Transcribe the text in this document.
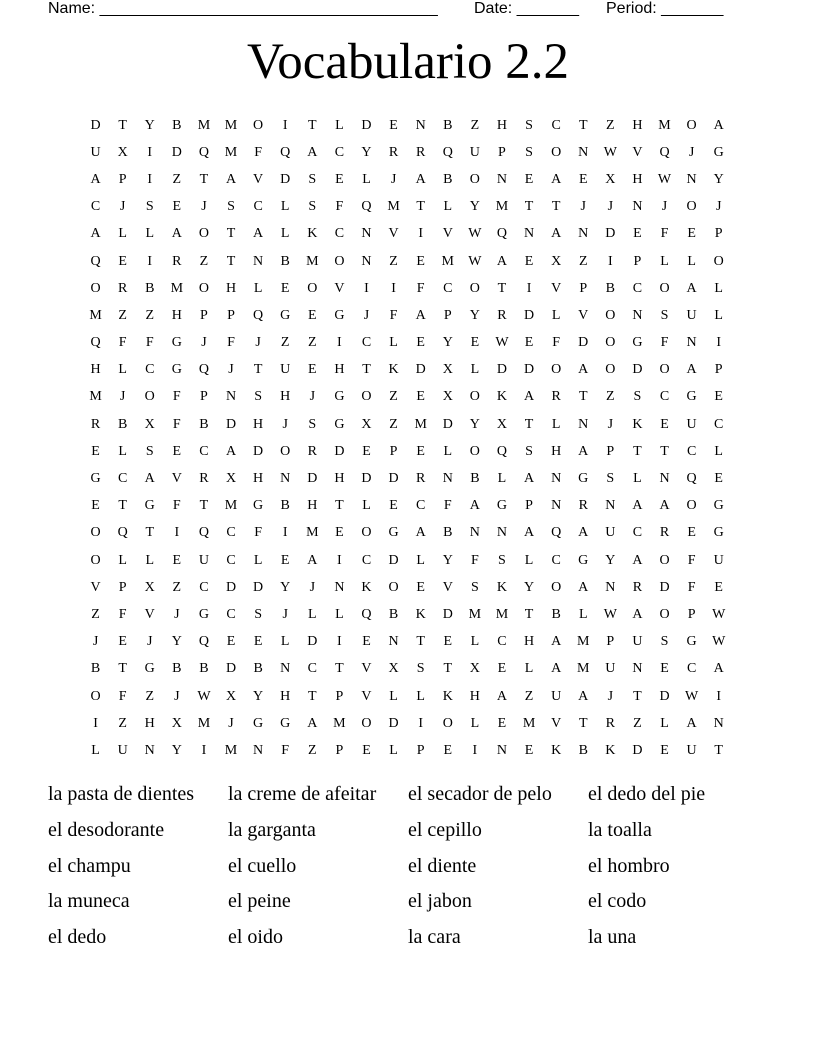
Name: ______________________________________

Date: _______

Period: _______

Vocabulario 2.2
D	T	Y	B	M	M	O	I	T	L	D	E	N	B	Z	H	S	C	T	Z	H	M	O	A
U	X	I	D	Q	M	F	Q	A	C	Y	R	R	Q	U	P	S	O	N	W	V	Q	J	G
A	P	I	Z	T	A	V	D	S	E	L	J	A	B	O	N	E	A	E	X	H	W	N	Y
C	J	S	E	J	S	C	L	S	F	Q	M	T	L	Y	M	T	T	J	J	N	J	O	J
A	L	L	A	O	T	A	L	K	C	N	V	I	V	W	Q	N	A	N	D	E	F	E	P
Q	E	I	R	Z	T	N	B	M	O	N	Z	E	M	W	A	E	X	Z	I	P	L	L	O
O	R	B	M	O	H	L	E	O	V	I	I	F	C	O	T	I	V	P	B	C	O	A	L
M	Z	Z	H	P	P	Q	G	E	G	J	F	A	P	Y	R	D	L	V	O	N	S	U	L
Q	F	F	G	J	F	J	Z	Z	I	C	L	E	Y	E	W	E	F	D	O	G	F	N	I
H	L	C	G	Q	J	T	U	E	H	T	K	D	X	L	D	D	O	A	O	D	O	A	P
M	J	O	F	P	N	S	H	J	G	O	Z	E	X	O	K	A	R	T	Z	S	C	G	E
R	B	X	F	B	D	H	J	S	G	X	Z	M	D	Y	X	T	L	N	J	K	E	U	C
E	L	S	E	C	A	D	O	R	D	E	P	E	L	O	Q	S	H	A	P	T	T	C	L
G	C	A	V	R	X	H	N	D	H	D	D	R	N	B	L	A	N	G	S	L	N	Q	E
E	T	G	F	T	M	G	B	H	T	L	E	C	F	A	G	P	N	R	N	A	A	O	G
O	Q	T	I	Q	C	F	I	M	E	O	G	A	B	N	N	A	Q	A	U	C	R	E	G
O	L	L	E	U	C	L	E	A	I	C	D	L	Y	F	S	L	C	G	Y	A	O	F	U
V	P	X	Z	C	D	D	Y	J	N	K	O	E	V	S	K	Y	O	A	N	R	D	F	E
Z	F	V	J	G	C	S	J	L	L	Q	B	K	D	M	M	T	B	L	W	A	O	P	W
J	E	J	Y	Q	E	E	L	D	I	E	N	T	E	L	C	H	A	M	P	U	S	G	W
B	T	G	B	B	D	B	N	C	T	V	X	S	T	X	E	L	A	M	U	N	E	C	A
O	F	Z	J	W	X	Y	H	T	P	V	L	L	K	H	A	Z	U	A	J	T	D	W	I
I	Z	H	X	M	J	G	G	A	M	O	D	I	O	L	E	M	V	T	R	Z	L	A	N
L	U	N	Y	I	M	N	F	Z	P	E	L	P	E	I	N	E	K	B	K	D	E	U	T
la pasta de dientes	la creme de afeitar	el secador de pelo	el dedo del pie
el desodorante	la garganta	el cepillo	la toalla
el champu	el cuello	el diente	el hombro
la muneca	el peine	el jabon	el codo
el dedo	el oido	la cara	la una
